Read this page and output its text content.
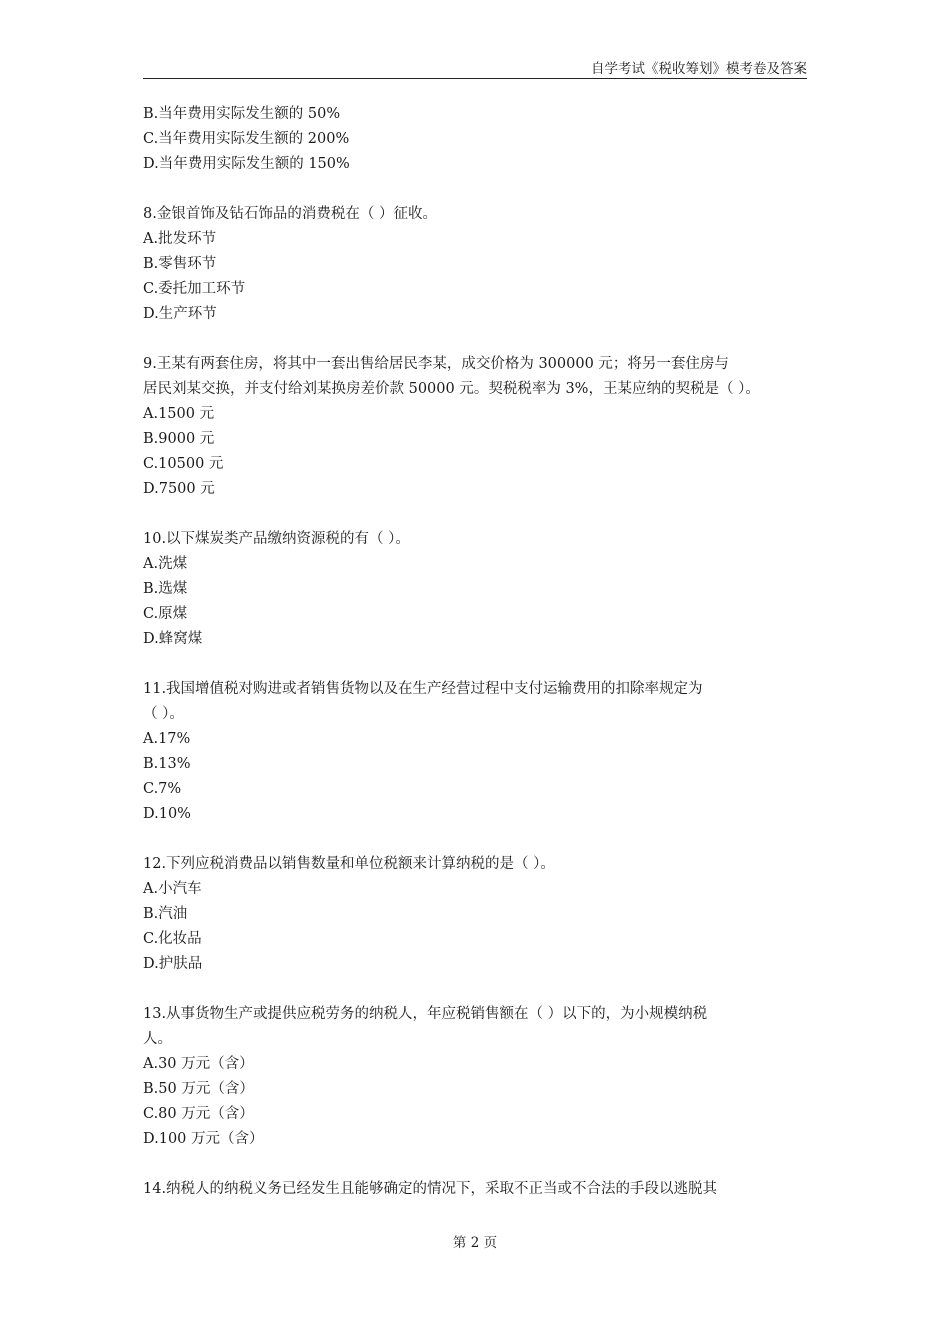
自学考试《税收筹划》模考卷及答案
B.当年费用实际发生额的 50%
C.当年费用实际发生额的 200%
D.当年费用实际发生额的 150%
8.金银首饰及钻石饰品的消费税在（ ）征收。
A.批发环节
B.零售环节
C.委托加工环节
D.生产环节
9.王某有两套住房，将其中一套出售给居民李某，成交价格为 300000 元；将另一套住房与
居民刘某交换，并支付给刘某换房差价款 50000 元。契税税率为 3%，王某应纳的契税是（ ）。
A.1500 元
B.9000 元
C.10500 元
D.7500 元
10.以下煤炭类产品缴纳资源税的有（ ）。
A.洗煤
B.选煤
C.原煤
D.蜂窝煤
11.我国增值税对购进或者销售货物以及在生产经营过程中支付运输费用的扣除率规定为
（ ）。
A.17%
B.13%
C.7%
D.10%
12.下列应税消费品以销售数量和单位税额来计算纳税的是（ ）。
A.小汽车
B.汽油
C.化妆品
D.护肤品
13.从事货物生产或提供应税劳务的纳税人，年应税销售额在（ ）以下的，为小规模纳税
人。
A.30 万元（含）
B.50 万元（含）
C.80 万元（含）
D.100 万元（含）
14.纳税人的纳税义务已经发生且能够确定的情况下，采取不正当或不合法的手段以逃脱其
第 2 页
